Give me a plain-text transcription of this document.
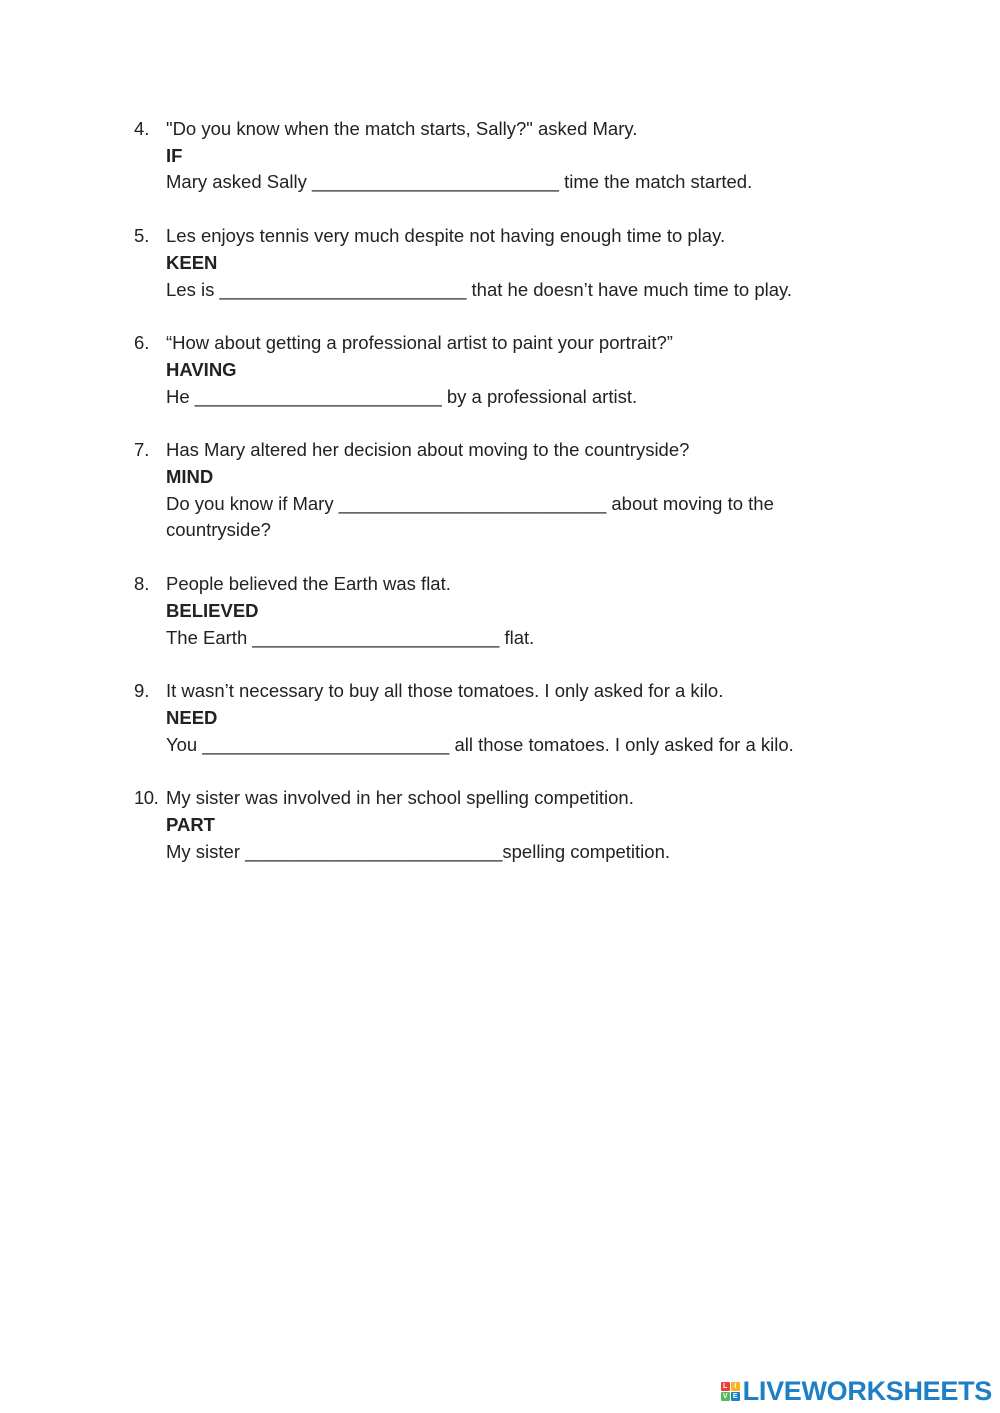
4. "Do you know when the match starts, Sally?" asked Mary.
IF
Mary asked Sally ________________________ time the match started.
5. Les enjoys tennis very much despite not having enough time to play.
KEEN
Les is ________________________ that he doesn’t have much time to play.
6. “How about getting a professional artist to paint your portrait?”
HAVING
He ________________________ by a professional artist.
7. Has Mary altered her decision about moving to the countryside?
MIND
Do you know if Mary __________________________ about moving to the countryside?
8. People believed the Earth was flat.
BELIEVED
The Earth ________________________ flat.
9. It wasn’t necessary to buy all those tomatoes. I only asked for a kilo.
NEED
You ________________________ all those tomatoes. I only asked for a kilo.
10. My sister was involved in her school spelling competition.
PART
My sister _________________________spelling competition.
L I
V E LIVEWORKSHEETS
